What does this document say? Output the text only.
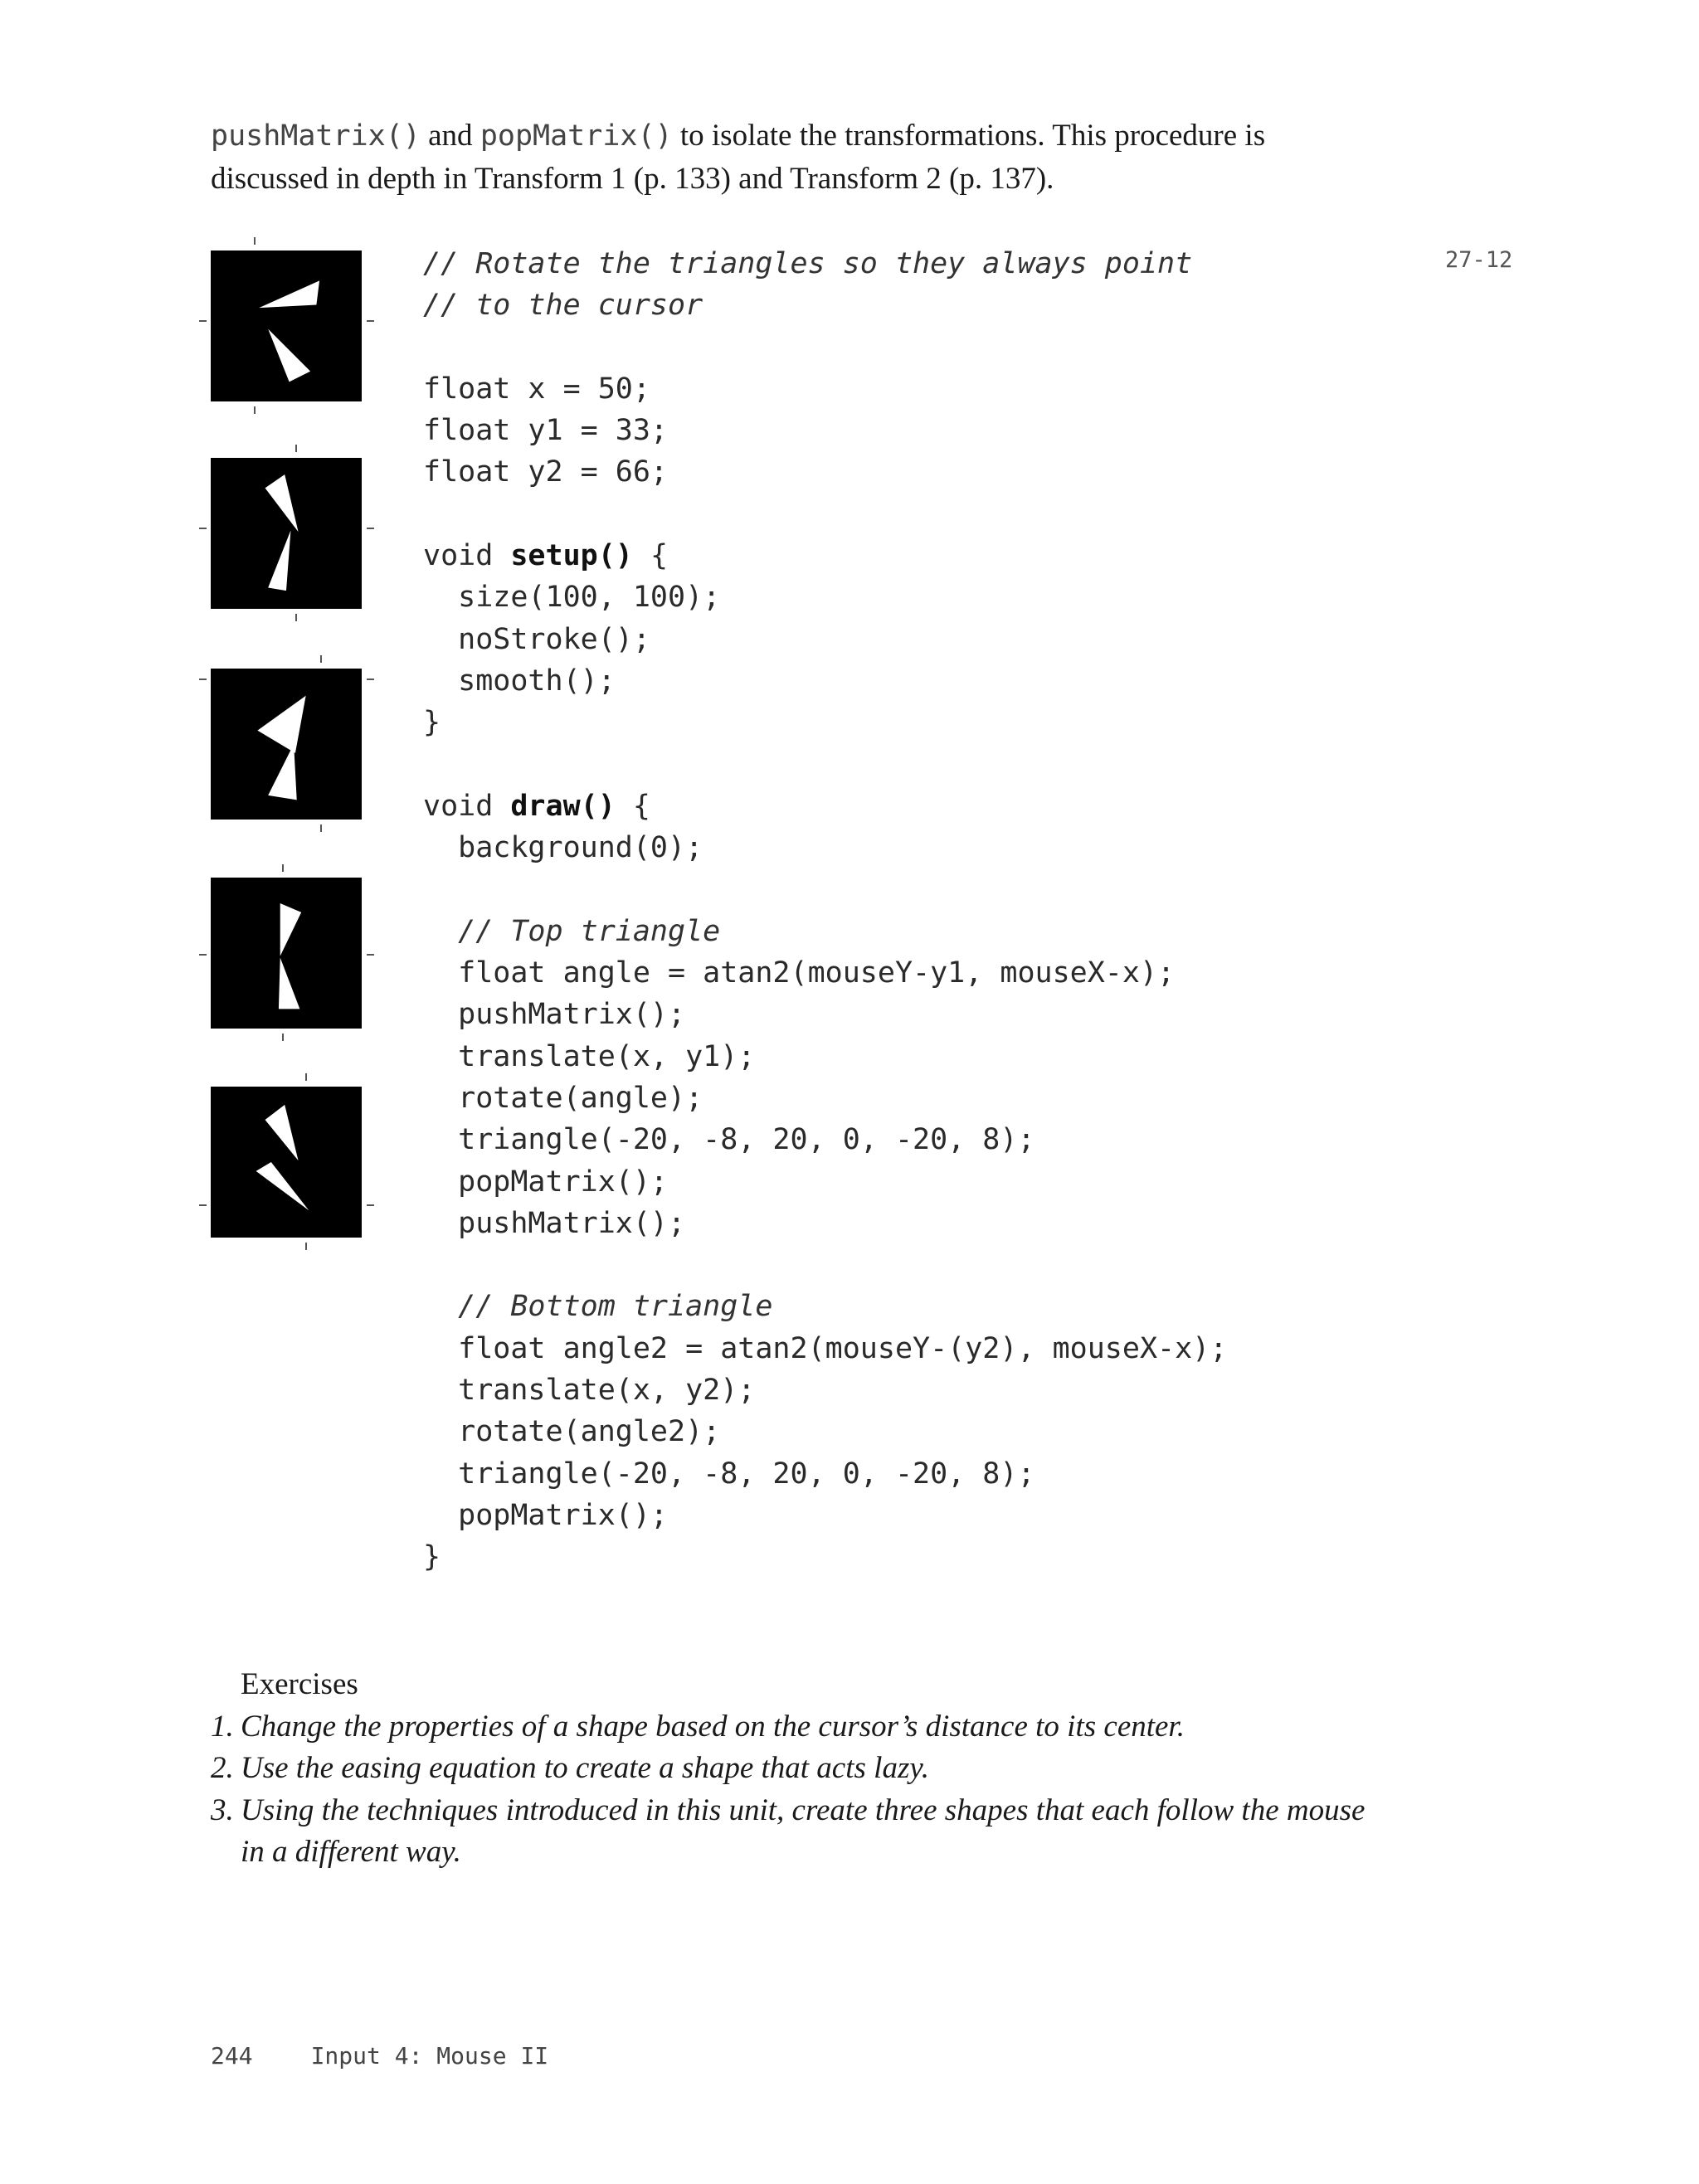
pushMatrix() and popMatrix() to isolate the transformations. This procedure is discussed in depth in Transform 1 (p. 133) and Transform 2 (p. 137).
27-12
// Rotate the triangles so they always point
// to the cursor

float x = 50;
float y1 = 33;
float y2 = 66;

void setup() {
size(100, 100);
noStroke();
smooth();
}

void draw() {
background(0);

// Top triangle
float angle = atan2(mouseY-y1, mouseX-x);
pushMatrix();
translate(x, y1);
rotate(angle);
triangle(-20, -8, 20, 0, -20, 8);
popMatrix();
pushMatrix();

// Bottom triangle
float angle2 = atan2(mouseY-(y2), mouseX-x);
translate(x, y2);
rotate(angle2);
triangle(-20, -8, 20, 0, -20, 8);
popMatrix();
}
Exercises
1. Change the properties of a shape based on the cursor’s distance to its center.
2. Use the easing equation to create a shape that acts lazy.
3. Using the techniques introduced in this unit, create three shapes that each follow the mouse in a different way.
244	Input 4: Mouse II
